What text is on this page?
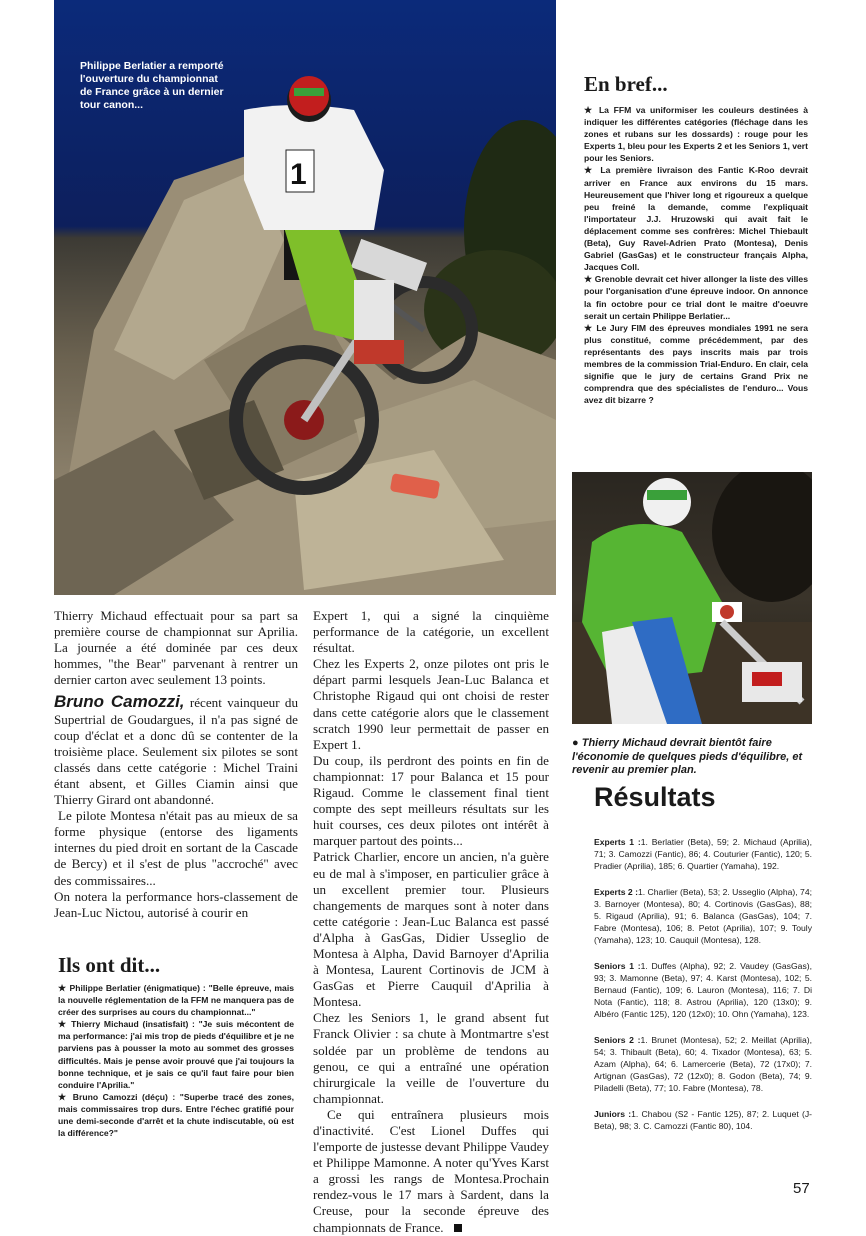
1
Philippe Berlatier a remporté l'ouverture du championnat de France grâce à un dernier tour canon...
En bref...

★ La FFM va uniformiser les couleurs destinées à indiquer les différentes catégories (fléchage dans les zones et rubans sur les dossards) : rouge pour les Experts 1, bleu pour les Experts 2 et les Seniors 1, vert pour les Seniors.

★ La première livraison des Fantic K-Roo devrait arriver en France aux environs du 15 mars. Heureusement que l'hiver long et rigoureux a quelque peu freiné la demande, comme l'expliquait l'importateur J.J. Hruzowski qui avait fait le déplacement comme ses confrères: Michel Thiebault (Beta), Guy Ravel-Adrien Prato (Montesa), Denis Gabriel (GasGas) et le constructeur français Alpha, Jacques Coll.

★ Grenoble devrait cet hiver allonger la liste des villes pour l'organisation d'une épreuve indoor. On annonce la fin octobre pour ce trial dont le maitre d'oeuvre serait un certain Philippe Berlatier...

★ Le Jury FIM des épreuves mondiales 1991 ne sera plus constitué, comme précédemment, par des représentants des pays inscrits mais par trois membres de la commission Trial-Enduro. En clair, cela signifie que le jury de certains Grand Prix ne comprendra que des spécialistes de l'enduro... Vous avez dit bizarre ?

● Thierry Michaud devrait bientôt faire l'économie de quelques pieds d'équilibre, et revenir au premier plan.

Thierry Michaud effectuait pour sa part sa première course de championnat sur Aprilia. La journée a été dominée par ces deux hommes, "the Bear" parvenant à rentrer un dernier carton avec seulement 13 points.

Bruno Camozzi, récent vainqueur du Supertrial de Goudargues, il n'a pas signé de coup d'éclat et a donc dû se contenter de la troisième place. Seulement six pilotes se sont classés dans cette catégorie : Michel Traini étant absent, et Gilles Ciamin ainsi que Thierry Girard ont abandonné.

Le pilote Montesa n'était pas au mieux de sa forme physique (entorse des ligaments internes du pied droit en sortant de la Cascade de Bercy) et il s'est de plus "accroché" avec des commissaires...

On notera la performance hors-classement de Jean-Luc Nictou, autorisé à courir en

Expert 1, qui a signé la cinquième performance de la catégorie, un excellent résultat.

Chez les Experts 2, onze pilotes ont pris le départ parmi lesquels Jean-Luc Balanca et Christophe Rigaud qui ont choisi de rester dans cette catégorie alors que le classement scratch 1990 leur permettait de passer en Expert 1.

Du coup, ils perdront des points en fin de championnat: 17 pour Balanca et 15 pour Rigaud. Comme le classement final tient compte des sept meilleurs résultats sur les huit courses, ces deux pilotes ont intérêt à marquer partout des points...

Patrick Charlier, encore un ancien, n'a guère eu de mal à s'imposer, en particulier grâce à un excellent premier tour. Plusieurs changements de marques sont à noter dans cette catégorie : Jean-Luc Balanca est passé d'Alpha à GasGas, Didier Usseglio de Montesa à Alpha, David Barnoyer d'Aprilia à Montesa, Laurent Cortinovis de JCM à GasGas et Pierre Cauquil d'Aprilia à Montesa.

Chez les Seniors 1, le grand absent fut Franck Olivier : sa chute à Montmartre s'est soldée par un problème de tendons au genou, ce qui a entraîné une opération chirurgicale la veille de l'ouverture du championnat.

Ce qui entraînera plusieurs mois d'inactivité. C'est Lionel Duffes qui l'emporte de justesse devant Philippe Vaudey et Philippe Mamonne. A noter qu'Yves Karst a grossi les rangs de Montesa.Prochain rendez-vous le 17 mars à Sardent, dans la Creuse, pour la seconde épreuve des championnats de France.

Ils ont dit...

★ Philippe Berlatier (énigmatique) : "Belle épreuve, mais la nouvelle réglementation de la FFM ne manquera pas de créer des surprises au cours du championnat..."

★ Thierry Michaud (insatisfait) : "Je suis mécontent de ma performance: j'ai mis trop de pieds d'équilibre et je ne parviens pas à pousser la moto au sommet des grosses difficultés. Mais je pense avoir prouvé que j'ai toujours la bonne technique, et je sais ce qu'il faut faire pour bien conduire l'Aprilia."

★ Bruno Camozzi (déçu) : "Superbe tracé des zones, mais commissaires trop durs. Entre l'échec gratifié pour une demi-seconde d'arrêt et la chute indiscutable, où est la différence?"

Résultats

Experts 1 :1. Berlatier (Beta), 59; 2. Michaud (Aprilia), 71; 3. Camozzi (Fantic), 86; 4. Couturier (Fantic), 120; 5. Pradier (Aprilia), 185; 6. Quartier (Yamaha), 192.

Experts 2 :1. Charlier (Beta), 53; 2. Usseglio (Alpha), 74; 3. Barnoyer (Montesa), 80; 4. Cortinovis (GasGas), 88; 5. Rigaud (Aprilia), 91; 6. Balanca (GasGas), 104; 7. Fabre (Montesa), 106; 8. Petot (Aprilia), 107; 9. Touly (Yamaha), 123; 10. Cauquil (Montesa), 128.

Seniors 1 :1. Duffes (Alpha), 92; 2. Vaudey (GasGas), 93; 3. Mamonne (Beta), 97; 4. Karst (Montesa), 102; 5. Bernaud (Fantic), 109; 6. Lauron (Montesa), 116; 7. Di Nota (Fantic), 118; 8. Astrou (Aprilia), 120 (13x0); 9. Albéro (Fantic 125), 120 (12x0); 10. Ohn (Yamaha), 123.

Seniors 2 :1. Brunet (Montesa), 52; 2. Meillat (Aprilia), 54; 3. Thibault (Beta), 60; 4. Tixador (Montesa), 63; 5. Azam (Alpha), 64; 6. Lamercerie (Beta), 72 (17x0); 7. Artignan (GasGas), 72 (12x0); 8. Godon (Beta), 74; 9. Piladelli (Beta), 77; 10. Fabre (Montesa), 78.

Juniors :1. Chabou (S2 - Fantic 125), 87; 2. Luquet (J-Beta), 98; 3. C. Camozzi (Fantic 80), 104.

57
